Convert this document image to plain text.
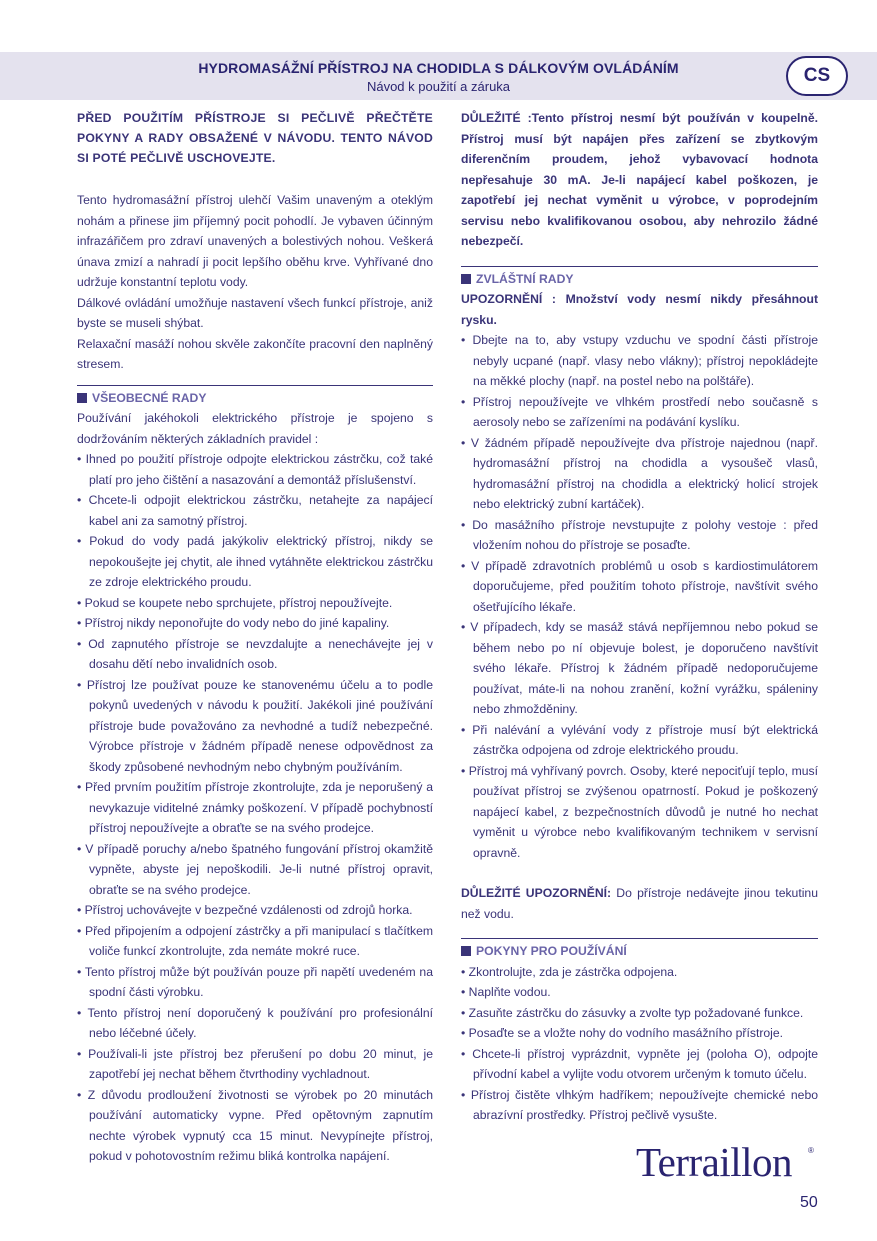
HYDROMASÁŽNÍ PŘÍSTROJ NA CHODIDLA S DÁLKOVÝM OVLÁDÁNÍM
Návod k použití a záruka
CS

PŘED POUŽITÍM PŘÍSTROJE SI PEČLIVĚ PŘEČTĚTE POKYNY A RADY OBSAŽENÉ V NÁVODU. TENTO NÁVOD SI POTÉ PEČLIVĚ USCHOVEJTE.

Tento hydromasážní přístroj ulehčí Vašim unaveným a oteklým nohám a přinese jim příjemný pocit pohodlí. Je vybaven účinným infrazářičem pro zdraví unavených a bolestivých nohou. Veškerá únava zmizí a nahradí ji pocit lepšího oběhu krve. Vyhřívané dno udržuje konstantní teplotu vody.

Dálkové ovládání umožňuje nastavení všech funkcí přístroje, aniž byste se museli shýbat.

Relaxační masáží nohou skvěle zakončíte pracovní den naplněný stresem.

VŠEOBECNÉ RADY

Používání jakéhokoli elektrického přístroje je spojeno s dodržováním některých základních pravidel :

• Ihned po použití přístroje odpojte elektrickou zástrčku, což také platí pro jeho čištění a nasazování a demontáž příslušenství.
• Chcete-li odpojit elektrickou zástrčku, netahejte za napájecí kabel ani za samotný přístroj.
• Pokud do vody padá jakýkoliv elektrický přístroj, nikdy se nepokoušejte jej chytit, ale ihned vytáhněte elektrickou zástrčku ze zdroje elektrického proudu.
• Pokud se koupete nebo sprchujete, přístroj nepoužívejte.
• Přístroj nikdy neponořujte do vody nebo do jiné kapaliny.
• Od zapnutého přístroje se nevzdalujte a nenechávejte jej v dosahu dětí nebo invalidních osob.
• Přístroj lze používat pouze ke stanovenému účelu a to podle pokynů uvedených v návodu k použití. Jakékoli jiné používání přístroje bude považováno za nevhodné a tudíž nebezpečné. Výrobce přístroje v žádném případě nenese odpovědnost za škody způsobené nevhodným nebo chybným používáním.
• Před prvním použitím přístroje zkontrolujte, zda je neporušený a nevykazuje viditelné známky poškození. V případě pochybností přístroj nepoužívejte a obraťte se na svého prodejce.
• V případě poruchy a/nebo špatného fungování přístroj okamžitě vypněte, abyste jej nepoškodili. Je-li nutné přístroj opravit, obraťte se na svého prodejce.
• Přístroj uchovávejte v bezpečné vzdálenosti od zdrojů horka.
• Před připojením a odpojení zástrčky a při manipulací s tlačítkem voliče funkcí zkontrolujte, zda nemáte mokré ruce.
• Tento přístroj může být používán pouze při napětí uvedeném na spodní části výrobku.
• Tento přístroj není doporučený k používání pro profesionální nebo léčebné účely.
• Používali-li jste přístroj bez přerušení po dobu 20 minut, je zapotřebí jej nechat během čtvrthodiny vychladnout.
• Z důvodu prodloužení životnosti se výrobek po 20 minutách používání automaticky vypne. Před opětovným zapnutím nechte výrobek vypnutý cca 15 minut. Nevypínejte přístroj, pokud v pohotovostním režimu bliká kontrolka napájení.

DŮLEŽITÉ :Tento přístroj nesmí být používán v koupelně. Přístroj musí být napájen přes zařízení se zbytkovým diferenčním proudem, jehož vybavovací hodnota nepřesahuje 30 mA. Je-li napájecí kabel poškozen, je zapotřebí jej nechat vyměnit u výrobce, v poprodejním servisu nebo kvalifikovanou osobou, aby nehrozilo žádné nebezpečí.

ZVLÁŠTNÍ RADY

UPOZORNĚNÍ : Množství vody nesmí nikdy přesáhnout rysku.

• Dbejte na to, aby vstupy vzduchu ve spodní části přístroje nebyly ucpané (např. vlasy nebo vlákny); přístroj nepokládejte na měkké plochy (např. na postel nebo na polštáře).
• Přístroj nepoužívejte ve vlhkém prostředí nebo současně s aerosoly nebo se zařízeními na podávání kyslíku.
• V žádném případě nepoužívejte dva přístroje najednou (např. hydromasážní přístroj na chodidla a vysoušeč vlasů, hydromasážní přístroj na chodidla a elektrický holicí strojek nebo elektrický zubní kartáček).
• Do masážního přístroje nevstupujte z polohy vestoje : před vložením nohou do přístroje se posaďte.
• V případě zdravotních problémů u osob s kardiostimulátorem doporučujeme, před použitím tohoto přístroje, navštívit svého ošetřujícího lékaře.
• V případech, kdy se masáž stává nepříjemnou nebo pokud se během nebo po ní objevuje bolest, je doporučeno navštívit svého lékaře. Přístroj k žádném případě nedoporučujeme používat, máte-li na nohou zranění, kožní vyrážku, spáleniny nebo zhmožděniny.
• Při nalévání a vylévání vody z přístroje musí být elektrická zástrčka odpojena od zdroje elektrického proudu.
• Přístroj má vyhřívaný povrch. Osoby, které nepociťují teplo, musí používat přístroj se zvýšenou opatrností. Pokud je poškozený napájecí kabel, z bezpečnostních důvodů je nutné ho nechat vyměnit u výrobce nebo kvalifikovaným technikem v servisní opravně.

DŮLEŽITÉ UPOZORNĚNÍ: Do přístroje nedávejte jinou tekutinu než vodu.

POKYNY PRO POUŽÍVÁNÍ
• Zkontrolujte, zda je zástrčka odpojena.
• Naplňte vodou.
• Zasuňte zástrčku do zásuvky a zvolte typ požadované funkce.
• Posaďte se a vložte nohy do vodního masážního přístroje.
• Chcete-li přístroj vyprázdnit, vypněte jej (poloha O), odpojte přívodní kabel a vylijte vodu otvorem určeným k tomuto účelu.
• Přístroj čistěte vlhkým hadříkem; nepoužívejte chemické nebo abrazívní prostředky. Přístroj pečlivě vysušte.
Terraillon ®
50
